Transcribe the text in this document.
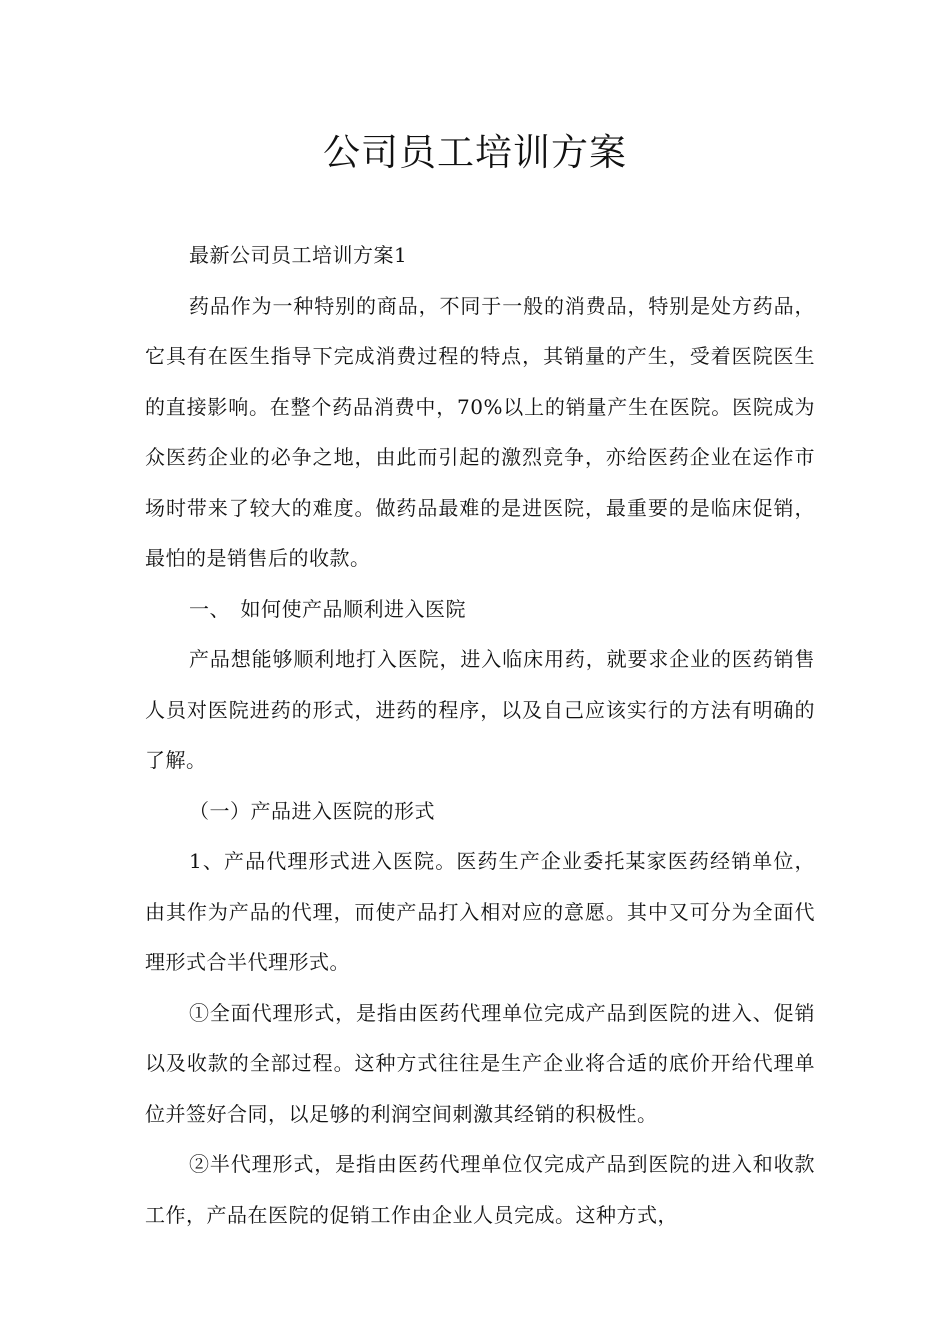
公司员工培训方案

最新公司员工培训方案1

药品作为一种特别的商品，不同于一般的消费品，特别是处方药品，它具有在医生指导下完成消费过程的特点，其销量的产生，受着医院医生的直接影响。在整个药品消费中，70%以上的销量产生在医院。医院成为众医药企业的必争之地，由此而引起的激烈竞争，亦给医药企业在运作市场时带来了较大的难度。做药品最难的是进医院，最重要的是临床促销，最怕的是销售后的收款。

一、　如何使产品顺利进入医院

产品想能够顺利地打入医院，进入临床用药，就要求企业的医药销售人员对医院进药的形式，进药的程序，以及自己应该实行的方法有明确的了解。

（一）产品进入医院的形式

1、产品代理形式进入医院。医药生产企业委托某家医药经销单位，由其作为产品的代理，而使产品打入相对应的意愿。其中又可分为全面代理形式合半代理形式。

①全面代理形式，是指由医药代理单位完成产品到医院的进入、促销以及收款的全部过程。这种方式往往是生产企业将合适的底价开给代理单位并签好合同，以足够的利润空间刺激其经销的积极性。

②半代理形式，是指由医药代理单位仅完成产品到医院的进入和收款工作，产品在医院的促销工作由企业人员完成。这种方式，
